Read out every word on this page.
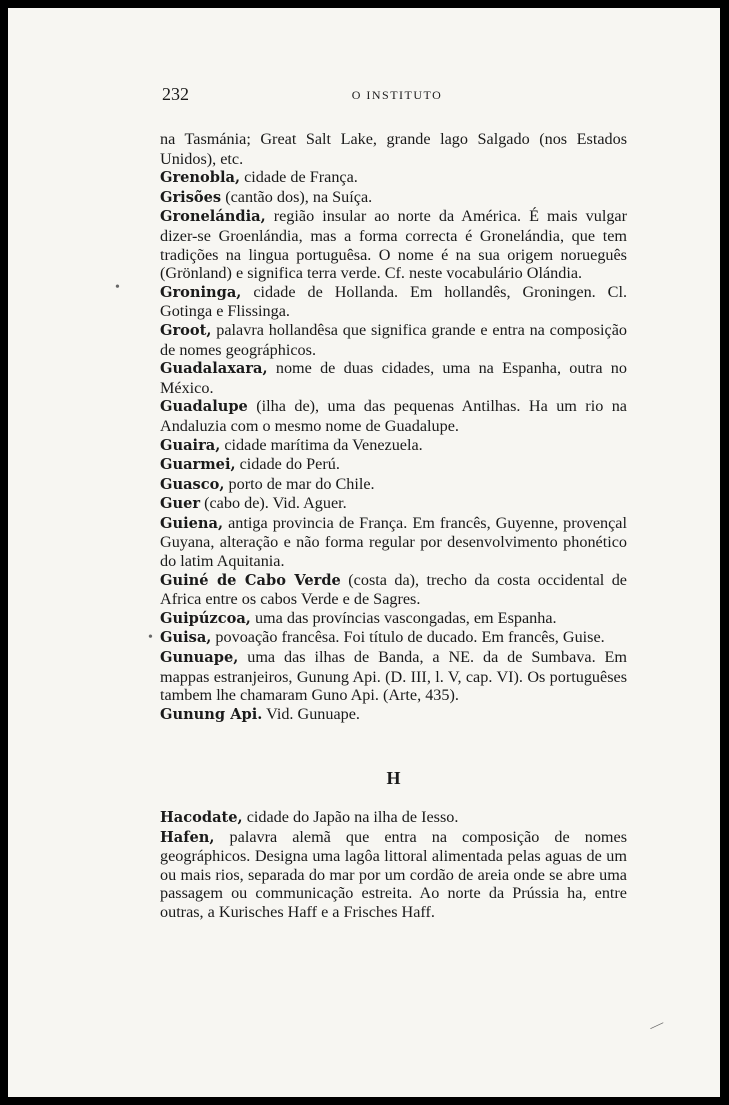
232	O INSTITUTO

na Tasmánia; Great Salt Lake, grande lago Salgado (nos Estados Unidos), etc.

Grenobla, cidade de França.

Grisões (cantão dos), na Suíça.

Gronelándia, região insular ao norte da América. É mais vulgar dizer-se Groenlándia, mas a forma correcta é Gronelándia, que tem tradições na lingua portuguêsa. O nome é na sua origem norueguês (Grönland) e significa terra verde. Cf. neste vocabulário Olándia.

Groninga, cidade de Hollanda. Em hollandês, Groningen. Cl. Gotinga e Flissinga.

Groot, palavra hollandêsa que significa grande e entra na composição de nomes geográphicos.

Guadalaxara, nome de duas cidades, uma na Espanha, outra no México.

Guadalupe (ilha de), uma das pequenas Antilhas. Ha um rio na Andaluzia com o mesmo nome de Guadalupe.

Guaira, cidade marítima da Venezuela.

Guarmei, cidade do Perú.

Guasco, porto de mar do Chile.

Guer (cabo de). Vid. Aguer.

Guiena, antiga provincia de França. Em francês, Guyenne, provençal Guyana, alteração e não forma regular por desenvolvimento phonético do latim Aquitania.

Guiné de Cabo Verde (costa da), trecho da costa occidental de Africa entre os cabos Verde e de Sagres.

Guipúzcoa, uma das províncias vascongadas, em Espanha.

Guisa, povoação francêsa. Foi título de ducado. Em francês, Guise.

Gunuape, uma das ilhas de Banda, a NE. da de Sumbava. Em mappas estranjeiros, Gunung Api. (D. III, l. V, cap. VI). Os portuguêses tambem lhe chamaram Guno Api. (Arte, 435).

Gunung Api. Vid. Gunuape.

H

Hacodate, cidade do Japão na ilha de Iesso.

Hafen, palavra alemã que entra na composição de nomes geográphicos. Designa uma lagôa littoral alimentada pelas aguas de um ou mais rios, separada do mar por um cordão de areia onde se abre uma passagem ou communicação estreita. Ao norte da Prússia ha, entre outras, a Kurisches Haff e a Frisches Haff.

•
•
—
